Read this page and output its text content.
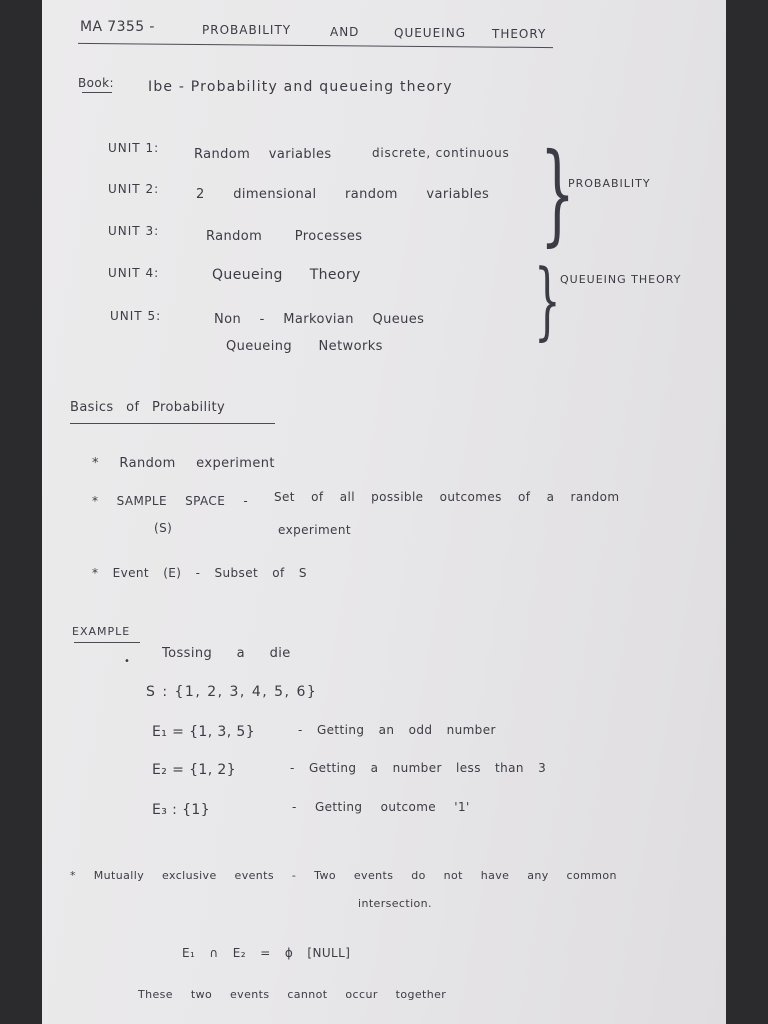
MA 7355 -	PROBABILITY	AND	QUEUEING THEORY
Book: Ibe - Probability and queueing theory
UNIT 1:	Random variables	discrete, continuous
UNIT 2:	2 dimensional random variables
UNIT 3:	Random Processes
UNIT 4:	Queueing Theory
UNIT 5:	Non - Markovian Queues
Queueing Networks
}
PROBABILITY
} QUEUEING THEORY
Basics of Probability
* Random experiment
* SAMPLE SPACE - Set of all possible outcomes of a random
(S)	experiment
* Event (E) - Subset of S
EXAMPLE
•
Tossing a die
S : {1, 2, 3, 4, 5, 6}
E₁ = {1, 3, 5}	- Getting an odd number
E₂ = {1, 2}	- Getting a number less than 3
E₃ : {1}	- Getting outcome '1'
* Mutually exclusive events - Two events do not have any common
intersection.
E₁ ∩ E₂ = ϕ [NULL]
These two events cannot occur together
